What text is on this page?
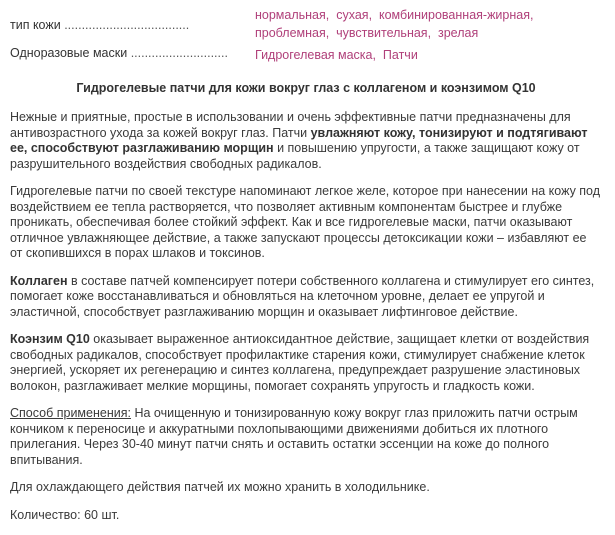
тип кожи ....................................
нормальная,  сухая,  комбинированная-жирная,
проблемная,  чувствительная,  зрелая
Одноразовые маски ............................	Гидрогелевая маска,  Патчи
Гидрогелевые патчи для кожи вокруг глаз с коллагеном и коэнзимом Q10

Нежные и приятные, простые в использовании и очень эффективные патчи предназначены для антивозрастного ухода за кожей вокруг глаз. Патчи увлажняют кожу, тонизируют и подтягивают ее, способствуют разглаживанию морщин и повышению упругости, а также защищают кожу от разрушительного воздействия свободных радикалов.

Гидрогелевые патчи по своей текстуре напоминают легкое желе, которое при нанесении на кожу под воздействием ее тепла растворяется, что позволяет активным компонентам быстрее и глубже проникать, обеспечивая более стойкий эффект. Как и все гидрогелевые маски, патчи оказывают отличное увлажняющее действие, а также запускают процессы детоксикации кожи – избавляют ее от скопившихся в порах шлаков и токсинов.

Коллаген в составе патчей компенсирует потери собственного коллагена и стимулирует его синтез, помогает коже восстанавливаться и обновляться на клеточном уровне, делает ее упругой и эластичной, способствует разглаживанию морщин и оказывает лифтинговое действие.

Коэнзим Q10 оказывает выраженное антиоксидантное действие, защищает клетки от воздействия свободных радикалов, способствует профилактике старения кожи, стимулирует снабжение клеток энергией, ускоряет их регенерацию и синтез коллагена, предупреждает разрушение эластиновых волокон, разглаживает мелкие морщины, помогает сохранять упругость и гладкость кожи.

Способ применения: На очищенную и тонизированную кожу вокруг глаз приложить патчи острым кончиком к переносице и аккуратными похлопывающими движениями добиться их плотного прилегания. Через 30-40 минут патчи снять и оставить остатки эссенции на коже до полного впитывания.

Для охлаждающего действия патчей их можно хранить в холодильнике.

Количество: 60 шт.
